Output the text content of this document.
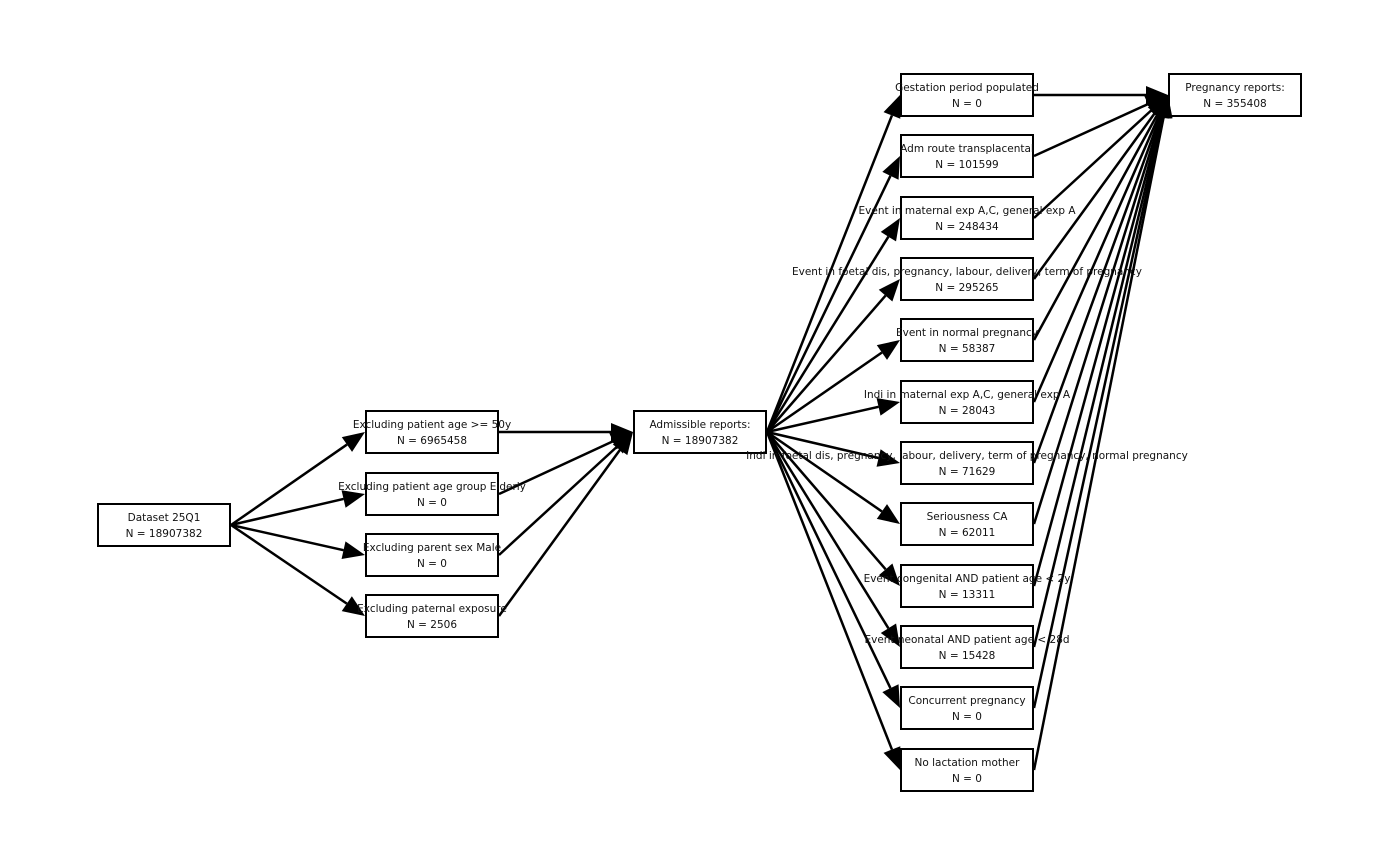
Dataset 25Q1
N = 18907382
Excluding patient age >= 50y
N = 6965458
Excluding patient age group Elderly
N = 0
Excluding parent sex Male
N = 0
Excluding paternal exposure
N = 2506
Admissible reports:
N = 18907382
Gestation period populated
N = 0
Adm route transplacental
N = 101599
Event in maternal exp A,C, general exp A
N = 248434
Event in foetal dis, pregnancy, labour, delivery, term of pregnancy
N = 295265
Event in normal pregnancy
N = 58387
Indi in maternal exp A,C, general exp A
N = 28043
Indi in foetal dis, pregnancy, labour, delivery, term of pregnancy, normal pregnancy
N = 71629
Seriousness CA
N = 62011
Event congenital AND patient age < 2y
N = 13311
Event neonatal AND patient age < 28d
N = 15428
Concurrent pregnancy
N = 0
No lactation mother
N = 0
Pregnancy reports:
N = 355408
